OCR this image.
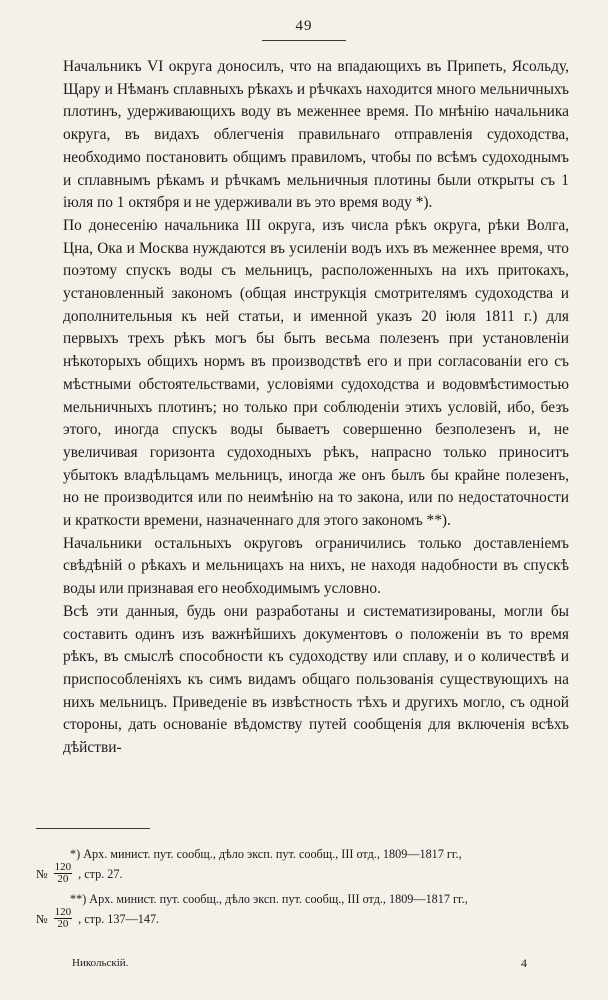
49

Начальникъ VI округа доносилъ, что на впадающихъ въ Припеть, Ясольду, Щару и Нѣманъ сплавныхъ рѣкахъ и рѣчкахъ находится много мельничныхъ плотинъ, удерживающихъ воду въ меженнее время. По мнѣнію начальника округа, въ видахъ облегченія правильнаго отправленія судоходства, необходимо постановить общимъ правиломъ, чтобы по всѣмъ судоходнымъ и сплавнымъ рѣкамъ и рѣчкамъ мельничныя плотины были открыты съ 1 іюля по 1 октября и не удерживали въ это время воду *).

По донесенію начальника III округа, изъ числа рѣкъ округа, рѣки Волга, Цна, Ока и Москва нуждаются въ усиленіи водъ ихъ въ меженнее время, что поэтому спускъ воды съ мельницъ, расположенныхъ на ихъ притокахъ, установленный закономъ (общая инструкція смотрителямъ судоходства и дополнительныя къ ней статьи, и именной указъ 20 іюля 1811 г.) для первыхъ трехъ рѣкъ могъ бы быть весьма полезенъ при установленіи нѣкоторыхъ общихъ нормъ въ производствѣ его и при согласованіи его съ мѣстными обстоятельствами, условіями судоходства и водовмѣстимостью мельничныхъ плотинъ; но только при соблюденіи этихъ условій, ибо, безъ этого, иногда спускъ воды бываетъ совершенно безполезенъ и, не увеличивая горизонта судоходныхъ рѣкъ, напрасно только приноситъ убытокъ владѣльцамъ мельницъ, иногда же онъ былъ бы крайне полезенъ, но не производится или по неимѣнію на то закона, или по недостаточности и краткости времени, назначеннаго для этого закономъ **).

Начальники остальныхъ округовъ ограничились только доставленіемъ свѣдѣній о рѣкахъ и мельницахъ на нихъ, не находя надобности въ спускѣ воды или признавая его необходимымъ условно.

Всѣ эти данныя, будь они разработаны и систематизированы, могли бы составить одинъ изъ важнѣйшихъ документовъ о положеніи въ то время рѣкъ, въ смыслѣ способности къ судоходству или сплаву, и о количествѣ и приспособленіяхъ къ симъ видамъ общаго пользованія существующихъ на нихъ мельницъ. Приведеніе въ извѣстность тѣхъ и другихъ могло, съ одной стороны, дать основаніе вѣдомству путей сообщенія для включенія всѣхъ дѣйстви-

*) Арх. минист. пут. сообщ., дѣло эксп. пут. сообщ., III отд., 1809—1817 гг.,
№ $\frac{120}{20}$ , стр. 27.
**) Арх. минист. пут. сообщ., дѣло эксп. пут. сообщ., III отд., 1809—1817 гг.,
№ $\frac{120}{20}$ , стр. 137—147.
Никольскій.	4
